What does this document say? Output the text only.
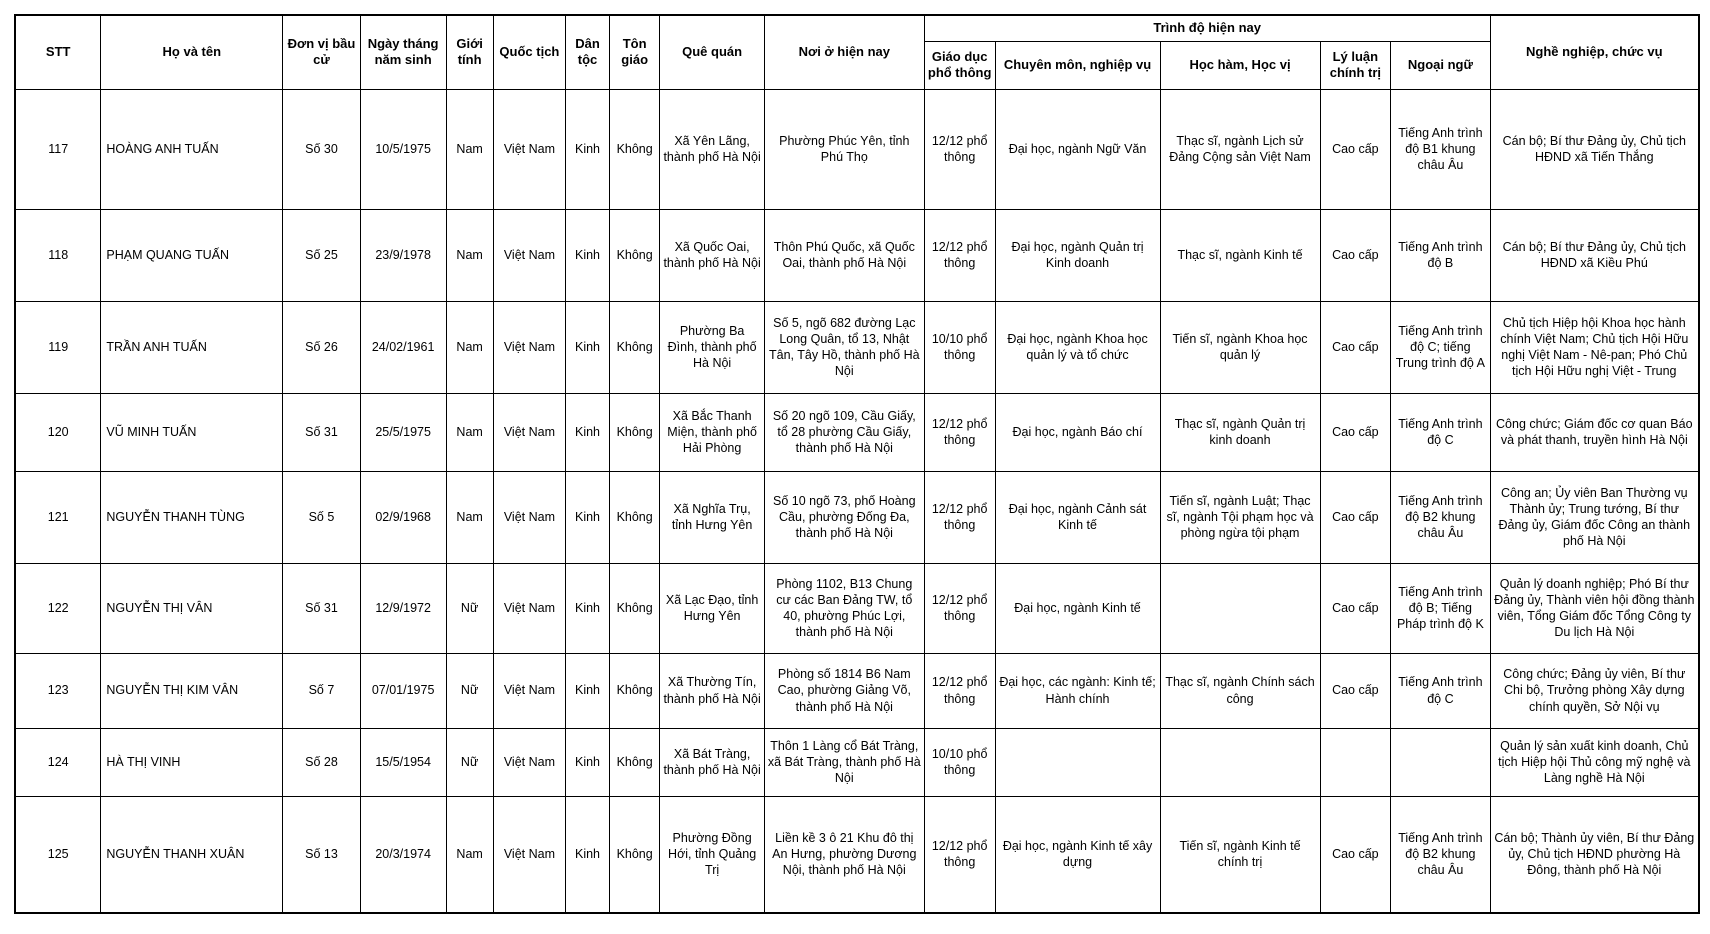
STT	Họ và tên	Đơn vị bầu cử	Ngày tháng năm sinh	Giới tính	Quốc tịch	Dân tộc	Tôn giáo	Quê quán	Nơi ở hiện nay	Trình độ hiện nay					Nghề nghiệp, chức vụ
										Giáo dục phổ thông	Chuyên môn, nghiệp vụ	Học hàm, Học vị	Lý luận chính trị	Ngoại ngữ	
117	HOÀNG ANH TUẤN	Số 30	10/5/1975	Nam	Việt Nam	Kinh	Không	Xã Yên Lãng, thành phố Hà Nội	Phường Phúc Yên, tỉnh Phú Thọ	12/12 phổ thông	Đại học, ngành Ngữ Văn	Thạc sĩ, ngành Lịch sử Đảng Cộng sản Việt Nam	Cao cấp	Tiếng Anh trình độ B1 khung châu Âu	Cán bộ; Bí thư Đảng ủy, Chủ tịch HĐND xã Tiến Thắng
118	PHẠM QUANG TUẤN	Số 25	23/9/1978	Nam	Việt Nam	Kinh	Không	Xã Quốc Oai, thành phố Hà Nội	Thôn Phú Quốc, xã Quốc Oai, thành phố Hà Nội	12/12 phổ thông	Đại học, ngành Quản trị Kinh doanh	Thạc sĩ, ngành Kinh tế	Cao cấp	Tiếng Anh trình độ B	Cán bộ; Bí thư Đảng ủy, Chủ tịch HĐND xã Kiều Phú
119	TRẦN ANH TUẤN	Số 26	24/02/1961	Nam	Việt Nam	Kinh	Không	Phường Ba Đình, thành phố Hà Nội	Số 5, ngõ 682 đường Lạc Long Quân, tổ 13, Nhật Tân, Tây Hồ, thành phố Hà Nội	10/10 phổ thông	Đại học, ngành Khoa học quản lý và tổ chức	Tiến sĩ, ngành Khoa học quản lý	Cao cấp	Tiếng Anh trình độ C; tiếng Trung trình độ A	Chủ tịch Hiệp hội Khoa học hành chính Việt Nam; Chủ tịch Hội Hữu nghị Việt Nam - Nê-pan; Phó Chủ tịch Hội Hữu nghị Việt - Trung
120	VŨ MINH TUẤN	Số 31	25/5/1975	Nam	Việt Nam	Kinh	Không	Xã Bắc Thanh Miện, thành phố Hải Phòng	Số 20 ngõ 109, Cầu Giấy, tổ 28 phường Cầu Giấy, thành phố Hà Nội	12/12 phổ thông	Đại học, ngành Báo chí	Thạc sĩ, ngành Quản trị kinh doanh	Cao cấp	Tiếng Anh trình độ C	Công chức; Giám đốc cơ quan Báo và phát thanh, truyền hình Hà Nội
121	NGUYỄN THANH TÙNG	Số 5	02/9/1968	Nam	Việt Nam	Kinh	Không	Xã Nghĩa Trụ, tỉnh Hưng Yên	Số 10 ngõ 73, phố Hoàng Cầu, phường Đống Đa, thành phố Hà Nội	12/12 phổ thông	Đại học, ngành Cảnh sát Kinh tế	Tiến sĩ, ngành Luật; Thạc sĩ, ngành Tội phạm học và phòng ngừa tội phạm	Cao cấp	Tiếng Anh trình độ B2 khung châu Âu	Công an; Ủy viên Ban Thường vụ Thành ủy; Trung tướng, Bí thư Đảng ủy, Giám đốc Công an thành phố Hà Nội
122	NGUYỄN THỊ VÂN	Số 31	12/9/1972	Nữ	Việt Nam	Kinh	Không	Xã Lạc Đạo, tỉnh Hưng Yên	Phòng 1102, B13 Chung cư các Ban Đảng TW, tổ 40, phường Phúc Lợi, thành phố Hà Nội	12/12 phổ thông	Đại học, ngành Kinh tế		Cao cấp	Tiếng Anh trình độ B; Tiếng Pháp trình độ K	Quản lý doanh nghiệp; Phó Bí thư Đảng ủy, Thành viên hội đồng thành viên, Tổng Giám đốc Tổng Công ty Du lịch Hà Nội
123	NGUYỄN THỊ KIM VÂN	Số 7	07/01/1975	Nữ	Việt Nam	Kinh	Không	Xã Thường Tín, thành phố Hà Nội	Phòng số 1814 B6 Nam Cao, phường Giảng Võ, thành phố Hà Nội	12/12 phổ thông	Đại học, các ngành: Kinh tế; Hành chính	Thạc sĩ, ngành Chính sách công	Cao cấp	Tiếng Anh trình độ C	Công chức; Đảng ủy viên, Bí thư Chi bộ, Trưởng phòng Xây dựng chính quyền, Sở Nội vụ
124	HÀ THỊ VINH	Số 28	15/5/1954	Nữ	Việt Nam	Kinh	Không	Xã Bát Tràng, thành phố Hà Nội	Thôn 1 Làng cổ Bát Tràng, xã Bát Tràng, thành phố Hà Nội	10/10 phổ thông					Quản lý sản xuất kinh doanh, Chủ tịch Hiệp hội Thủ công mỹ nghệ và Làng nghề Hà Nội
125	NGUYỄN THANH XUÂN	Số 13	20/3/1974	Nam	Việt Nam	Kinh	Không	Phường Đồng Hới, tỉnh Quảng Trị	Liền kề 3 ô 21 Khu đô thị An Hưng, phường Dương Nội, thành phố Hà Nội	12/12 phổ thông	Đại học, ngành Kinh tế xây dựng	Tiến sĩ, ngành Kinh tế chính trị	Cao cấp	Tiếng Anh trình độ B2 khung châu Âu	Cán bộ; Thành ủy viên, Bí thư Đảng ủy, Chủ tịch HĐND phường Hà Đông, thành phố Hà Nội
